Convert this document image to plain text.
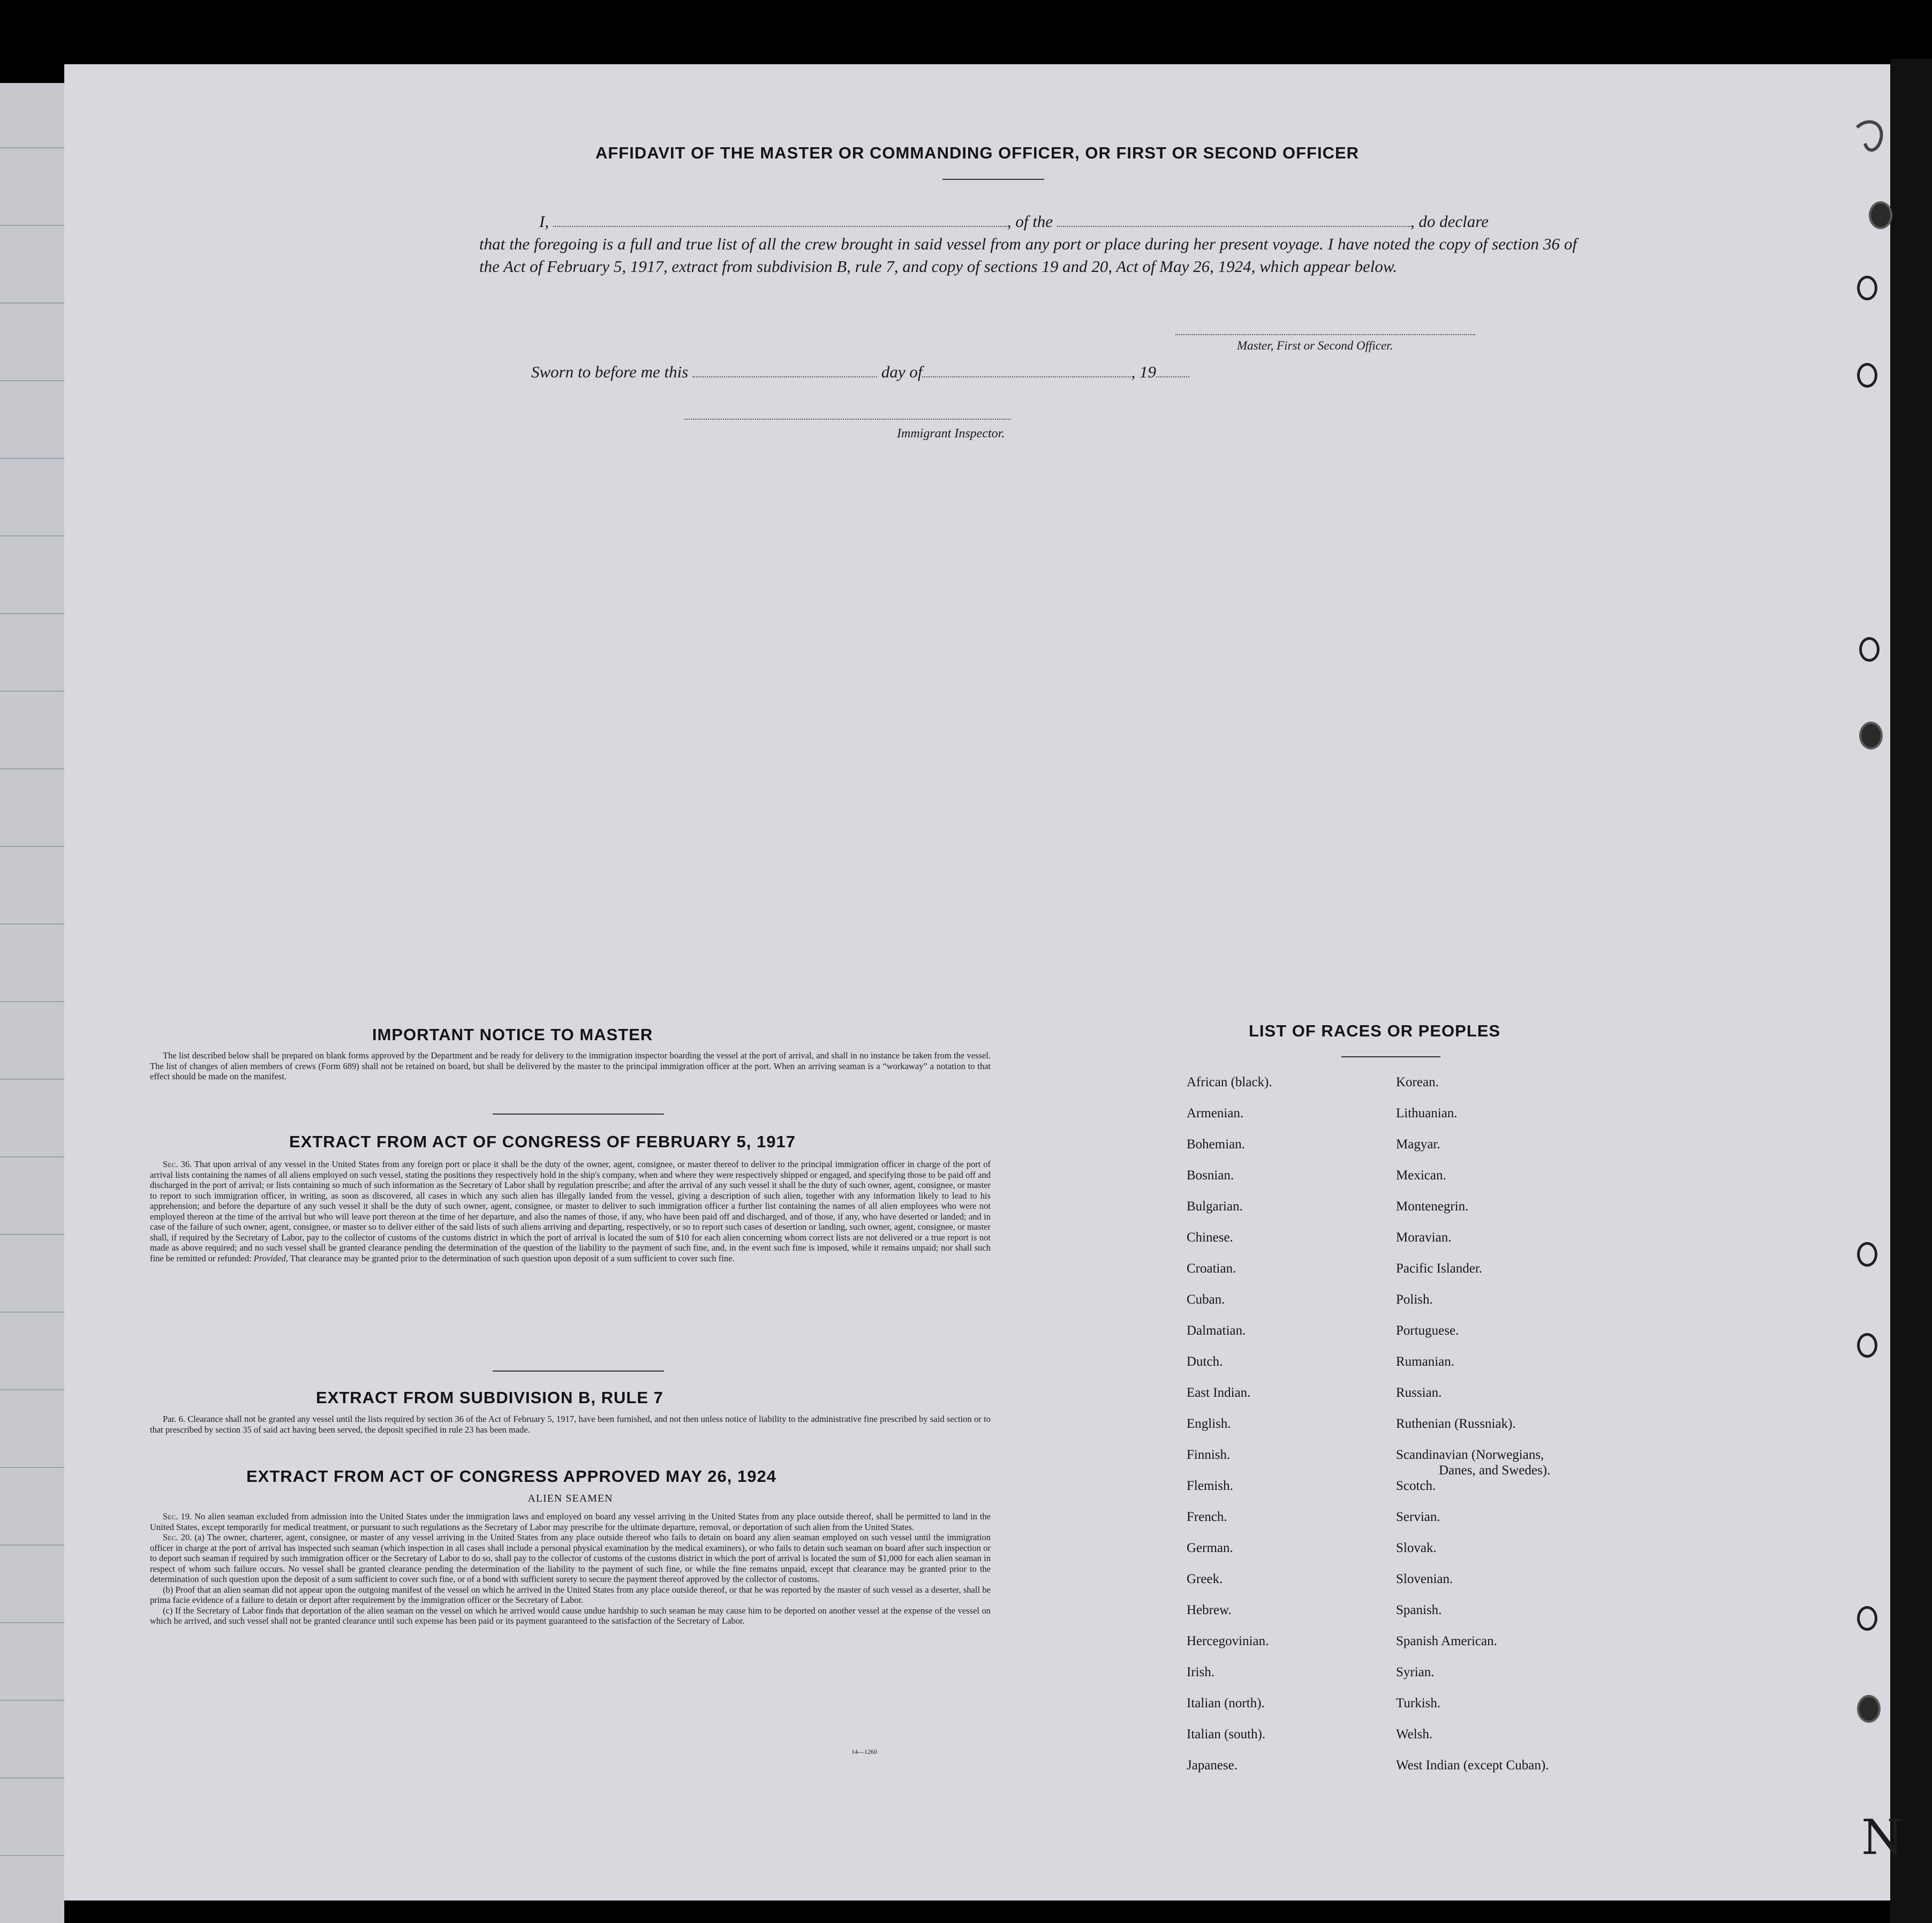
AFFIDAVIT OF THE MASTER OR COMMANDING OFFICER, OR FIRST OR SECOND OFFICER
I,	, of the	, do declare
that the foregoing is a full and true list of all the crew brought in said vessel from any port or place during her present voyage. I have noted the copy of section 36 of the Act of February 5, 1917, extract from subdivision B, rule 7, and copy of sections 19 and 20, Act of May 26, 1924, which appear below.
Master, First or Second Officer.
Sworn to before me this	day of	, 19
Immigrant Inspector.
IMPORTANT NOTICE TO MASTER

The list described below shall be prepared on blank forms approved by the Department and be ready for delivery to the immigration inspector boarding the vessel at the port of arrival, and shall in no instance be taken from the vessel. The list of changes of alien members of crews (Form 689) shall not be retained on board, but shall be delivered by the master to the principal immigration officer at the port. When an arriving seaman is a “workaway” a notation to that effect should be made on the manifest.

EXTRACT FROM ACT OF CONGRESS OF FEBRUARY 5, 1917

Sec. 36. That upon arrival of any vessel in the United States from any foreign port or place it shall be the duty of the owner, agent, consignee, or master thereof to deliver to the principal immigration officer in charge of the port of arrival lists containing the names of all aliens employed on such vessel, stating the positions they respectively hold in the ship's company, when and where they were respectively shipped or engaged, and specifying those to be paid off and discharged in the port of arrival; or lists containing so much of such information as the Secretary of Labor shall by regulation prescribe; and after the arrival of any such vessel it shall be the duty of such owner, agent, consignee, or master to report to such immigration officer, in writing, as soon as discovered, all cases in which any such alien has illegally landed from the vessel, giving a description of such alien, together with any information likely to lead to his apprehension; and before the departure of any such vessel it shall be the duty of such owner, agent, consignee, or master to deliver to such immigration officer a further list containing the names of all alien employees who were not employed thereon at the time of the arrival but who will leave port thereon at the time of her departure, and also the names of those, if any, who have been paid off and discharged, and of those, if any, who have deserted or landed; and in case of the failure of such owner, agent, consignee, or master so to deliver either of the said lists of such aliens arriving and departing, respectively, or so to report such cases of desertion or landing, such owner, agent, consignee, or master shall, if required by the Secretary of Labor, pay to the collector of customs of the customs district in which the port of arrival is located the sum of $10 for each alien concerning whom correct lists are not delivered or a true report is not made as above required; and no such vessel shall be granted clearance pending the determination of the question of the liability to the payment of such fine, and, in the event such fine is imposed, while it remains unpaid; nor shall such fine be remitted or refunded: Provided, That clearance may be granted prior to the determination of such question upon deposit of a sum sufficient to cover such fine.

EXTRACT FROM SUBDIVISION B, RULE 7

Par. 6. Clearance shall not be granted any vessel until the lists required by section 36 of the Act of February 5, 1917, have been furnished, and not then unless notice of liability to the administrative fine prescribed by said section or to that prescribed by section 35 of said act having been served, the deposit specified in rule 23 has been made.

EXTRACT FROM ACT OF CONGRESS APPROVED MAY 26, 1924
ALIEN SEAMEN

Sec. 19. No alien seaman excluded from admission into the United States under the immigration laws and employed on board any vessel arriving in the United States from any place outside thereof, shall be permitted to land in the United States, except temporarily for medical treatment, or pursuant to such regulations as the Secretary of Labor may prescribe for the ultimate departure, removal, or deportation of such alien from the United States.

Sec. 20. (a) The owner, charterer, agent, consignee, or master of any vessel arriving in the United States from any place outside thereof who fails to detain on board any alien seaman employed on such vessel until the immigration officer in charge at the port of arrival has inspected such seaman (which inspection in all cases shall include a personal physical examination by the medical examiners), or who fails to detain such seaman on board after such inspection or to deport such seaman if required by such immigration officer or the Secretary of Labor to do so, shall pay to the collector of customs of the customs district in which the port of arrival is located the sum of $1,000 for each alien seaman in respect of whom such failure occurs. No vessel shall be granted clearance pending the determination of the liability to the payment of such fine, or while the fine remains unpaid, except that clearance may be granted prior to the determination of such question upon the deposit of a sum sufficient to cover such fine, or of a bond with sufficient surety to secure the payment thereof approved by the collector of customs.

(b) Proof that an alien seaman did not appear upon the outgoing manifest of the vessel on which he arrived in the United States from any place outside thereof, or that he was reported by the master of such vessel as a deserter, shall be prima facie evidence of a failure to detain or deport after requirement by the immigration officer or the Secretary of Labor.

(c) If the Secretary of Labor finds that deportation of the alien seaman on the vessel on which he arrived would cause undue hardship to such seaman he may cause him to be deported on another vessel at the expense of the vessel on which he arrived, and such vessel shall not be granted clearance until such expense has been paid or its payment guaranteed to the satisfaction of the Secretary of Labor.

14—1260
LIST OF RACES OR PEOPLES
African (black).
Armenian.
Bohemian.
Bosnian.
Bulgarian.
Chinese.
Croatian.
Cuban.
Dalmatian.
Dutch.
East Indian.
English.
Finnish.
Flemish.
French.
German.
Greek.
Hebrew.
Hercegovinian.
Irish.
Italian (north).
Italian (south).
Japanese.
Korean.
Lithuanian.
Magyar.
Mexican.
Montenegrin.
Moravian.
Pacific Islander.
Polish.
Portuguese.
Rumanian.
Russian.
Ruthenian (Russniak).
Scandinavian (Norwegians,
Danes, and Swedes).
Scotch.
Servian.
Slovak.
Slovenian.
Spanish.
Spanish American.
Syrian.
Turkish.
Welsh.
West Indian (except Cuban).
N
